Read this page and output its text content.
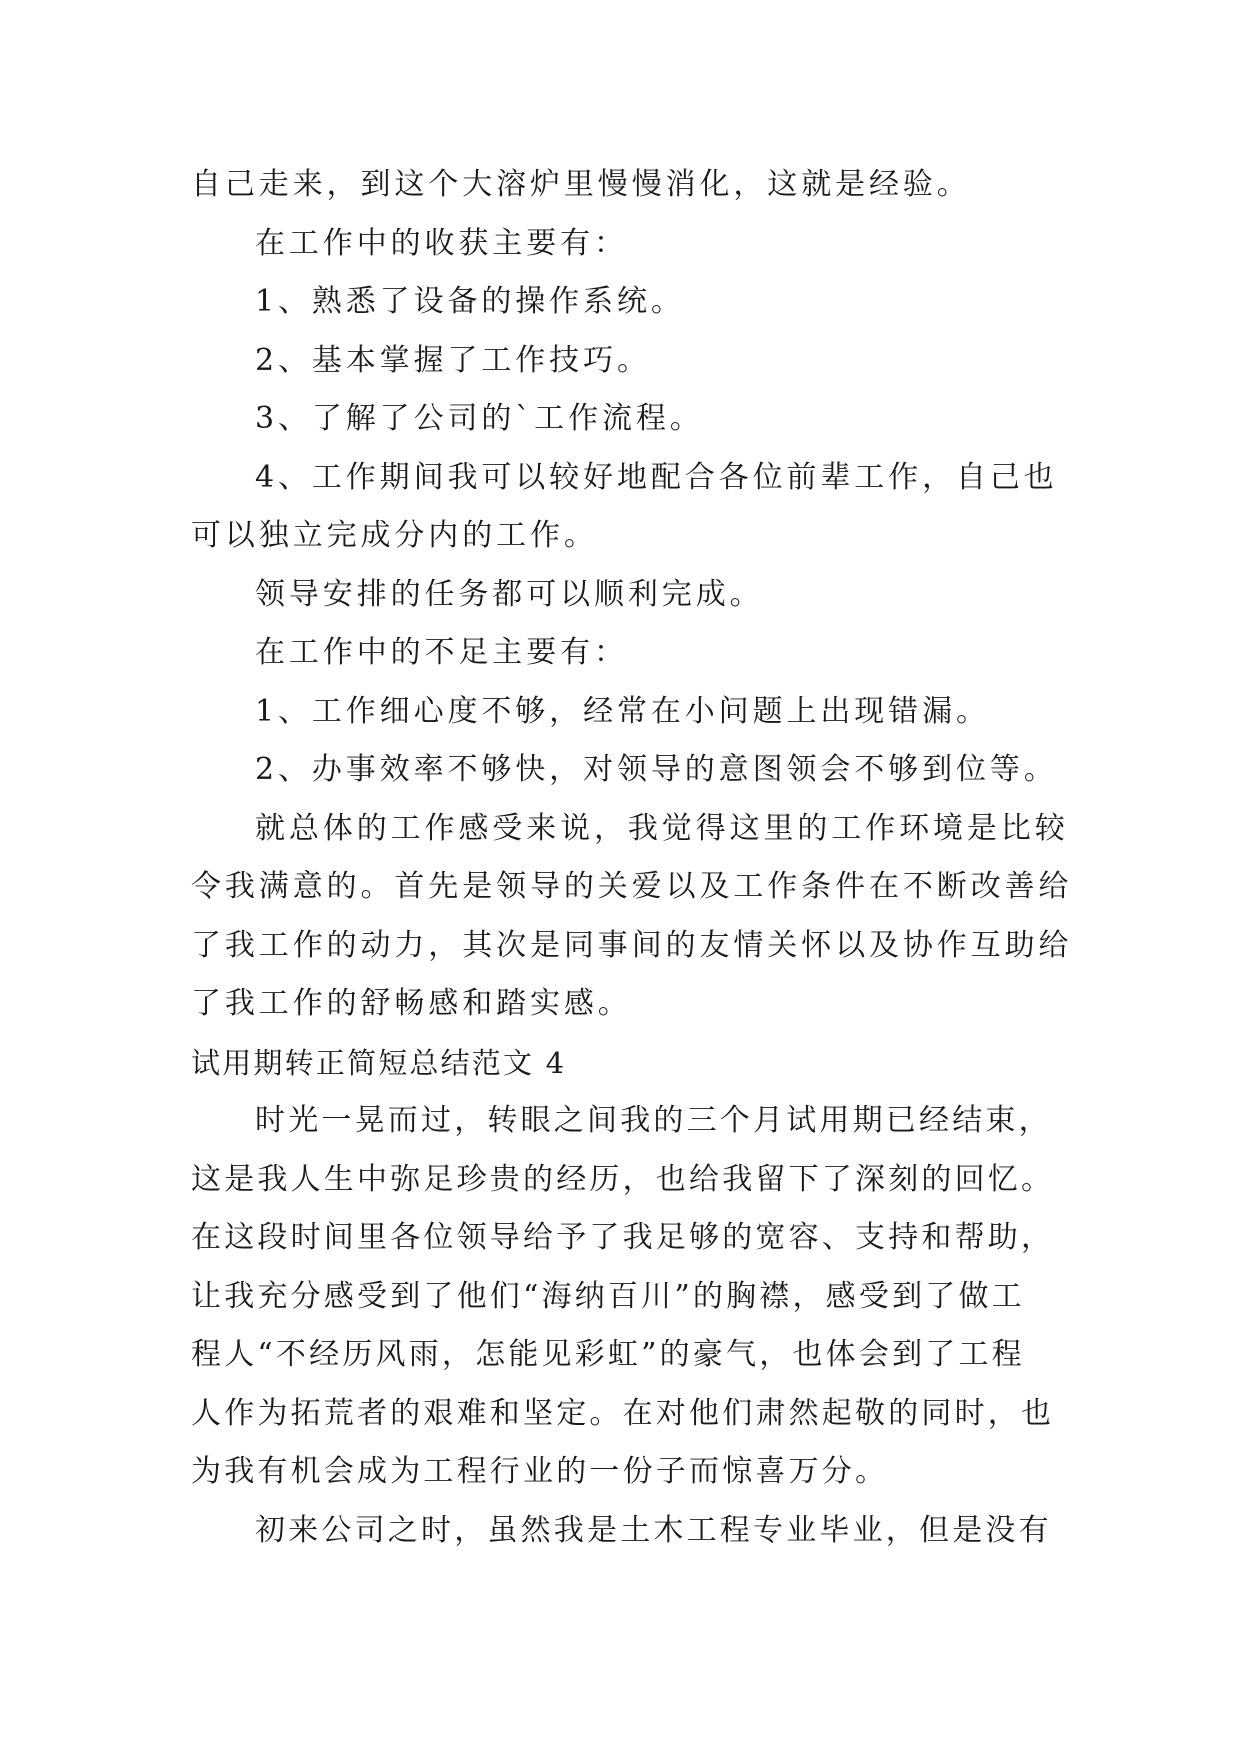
自己走来，到这个大溶炉里慢慢消化，这就是经验。
在工作中的收获主要有：
1、熟悉了设备的操作系统。
2、基本掌握了工作技巧。
3、了解了公司的`工作流程。
4、工作期间我可以较好地配合各位前辈工作，自己也
可以独立完成分内的工作。
领导安排的任务都可以顺利完成。
在工作中的不足主要有：
1、工作细心度不够，经常在小问题上出现错漏。
2、办事效率不够快，对领导的意图领会不够到位等。
就总体的工作感受来说，我觉得这里的工作环境是比较
令我满意的。首先是领导的关爱以及工作条件在不断改善给
了我工作的动力，其次是同事间的友情关怀以及协作互助给
了我工作的舒畅感和踏实感。
试用期转正简短总结范文 4
时光一晃而过，转眼之间我的三个月试用期已经结束，
这是我人生中弥足珍贵的经历，也给我留下了深刻的回忆。
在这段时间里各位领导给予了我足够的宽容、支持和帮助，
让我充分感受到了他们“海纳百川”的胸襟，感受到了做工
程人“不经历风雨，怎能见彩虹”的豪气，也体会到了工程
人作为拓荒者的艰难和坚定。在对他们肃然起敬的同时，也
为我有机会成为工程行业的一份子而惊喜万分。
初来公司之时，虽然我是土木工程专业毕业，但是没有
